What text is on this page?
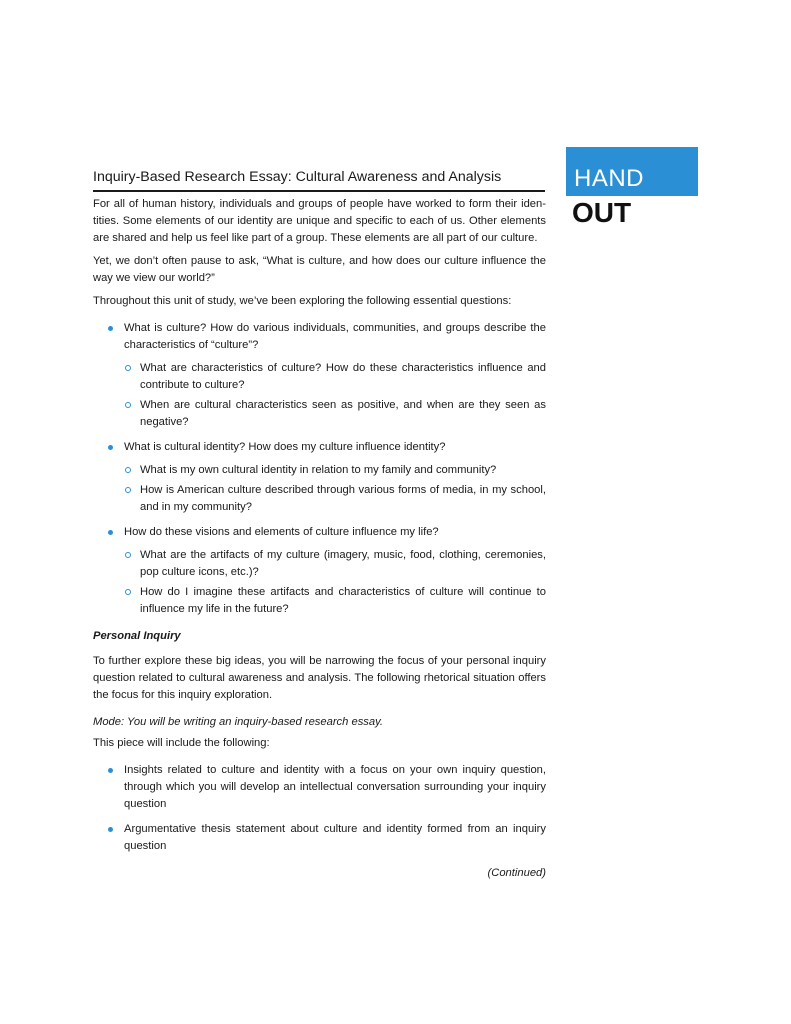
Inquiry-Based Research Essay: Cultural Awareness and Analysis	HAND
OUT

For all of human history, individuals and groups of people have worked to form their identities. Some elements of our identity are unique and specific to each of us. Other elements are shared and help us feel like part of a group. These elements are all part of our culture.

Yet, we don’t often pause to ask, “What is culture, and how does our culture influence the way we view our world?”

Throughout this unit of study, we’ve been exploring the following essential questions:

What is culture? How do various individuals, communities, and groups describe the characteristics of “culture”?
What are characteristics of culture? How do these characteristics influence and contribute to culture?
When are cultural characteristics seen as positive, and when are they seen as negative?
What is cultural identity? How does my culture influence identity?
What is my own cultural identity in relation to my family and community?
How is American culture described through various forms of media, in my school, and in my community?
How do these visions and elements of culture influence my life?
What are the artifacts of my culture (imagery, music, food, clothing, ceremonies, pop culture icons, etc.)?
How do I imagine these artifacts and characteristics of culture will continue to influence my life in the future?

Personal Inquiry

To further explore these big ideas, you will be narrowing the focus of your personal inquiry question related to cultural awareness and analysis. The following rhetorical situation offers the focus for this inquiry exploration.

Mode: You will be writing an inquiry-based research essay.

This piece will include the following:

Insights related to culture and identity with a focus on your own inquiry question, through which you will develop an intellectual conversation surrounding your inquiry question
Argumentative thesis statement about culture and identity formed from an inquiry question

(Continued)
